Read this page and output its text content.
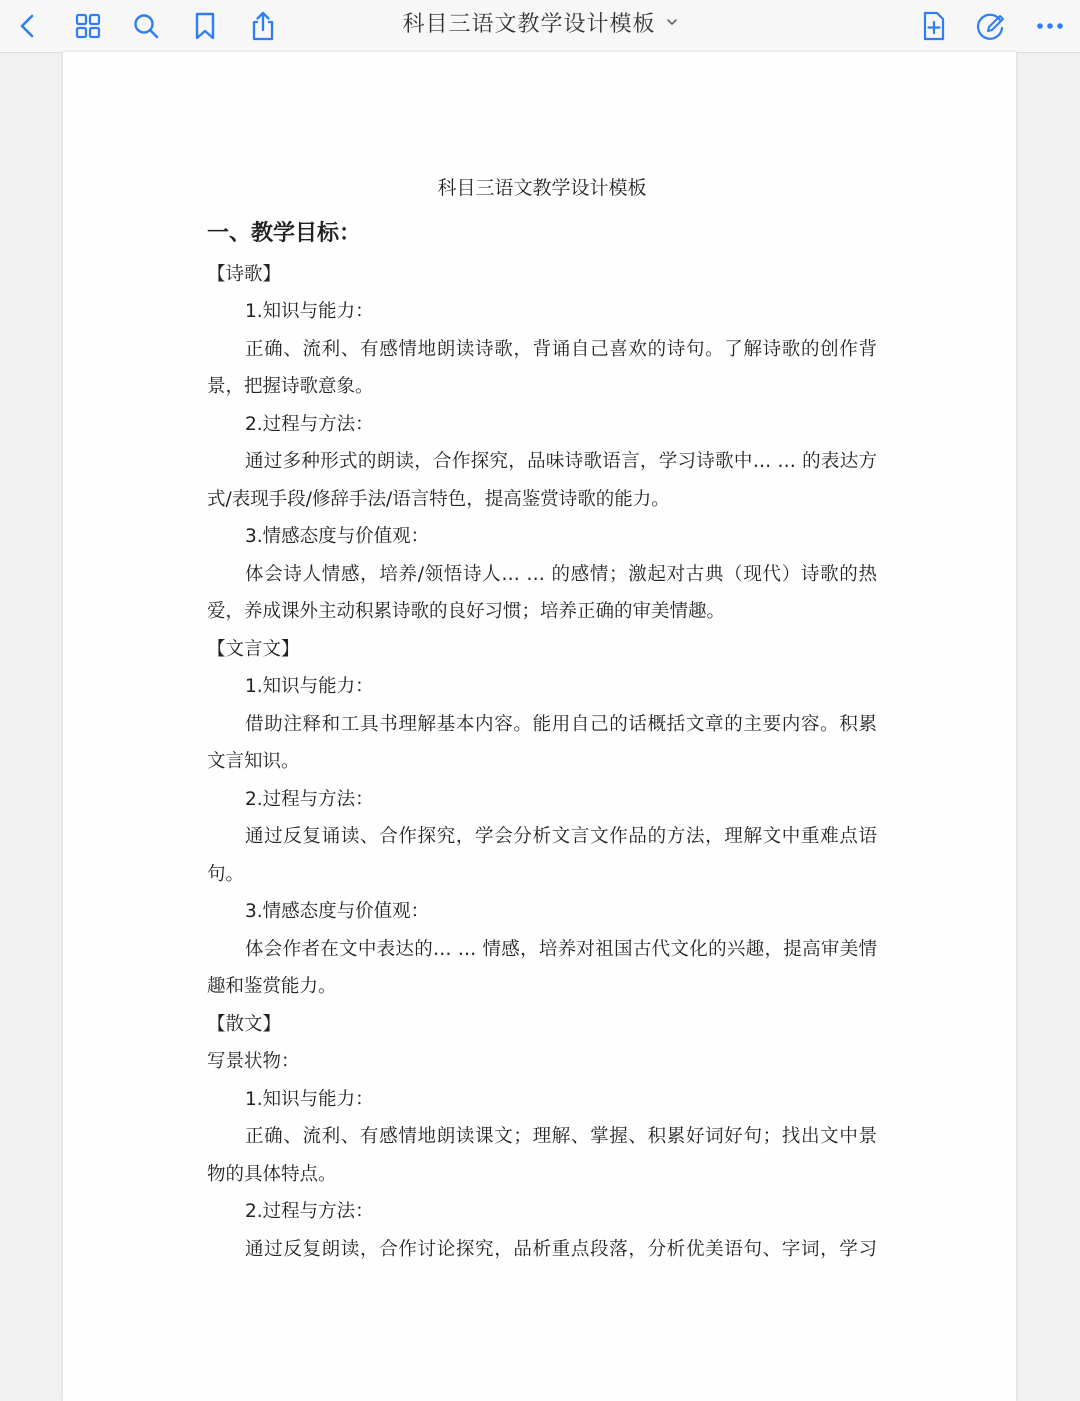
科目三语文教学设计模板
科目三语文教学设计模板
一、教学目标：
【诗歌】
1.知识与能力：
正确、流利、有感情地朗读诗歌，背诵自己喜欢的诗句。了解诗歌的创作背
景，把握诗歌意象。
2.过程与方法：
通过多种形式的朗读，合作探究，品味诗歌语言，学习诗歌中… … 的表达方
式/表现手段/修辞手法/语言特色，提高鉴赏诗歌的能力。
3.情感态度与价值观：
体会诗人情感，培养/领悟诗人… … 的感情；激起对古典（现代）诗歌的热
爱，养成课外主动积累诗歌的良好习惯；培养正确的审美情趣。
【文言文】
1.知识与能力：
借助注释和工具书理解基本内容。能用自己的话概括文章的主要内容。积累
文言知识。
2.过程与方法：
通过反复诵读、合作探究，学会分析文言文作品的方法，理解文中重难点语
句。
3.情感态度与价值观：
体会作者在文中表达的… … 情感，培养对祖国古代文化的兴趣，提高审美情
趣和鉴赏能力。
【散文】
写景状物：
1.知识与能力：
正确、流利、有感情地朗读课文；理解、掌握、积累好词好句；找出文中景
物的具体特点。
2.过程与方法：
通过反复朗读，合作讨论探究，品析重点段落，分析优美语句、字词，学习
